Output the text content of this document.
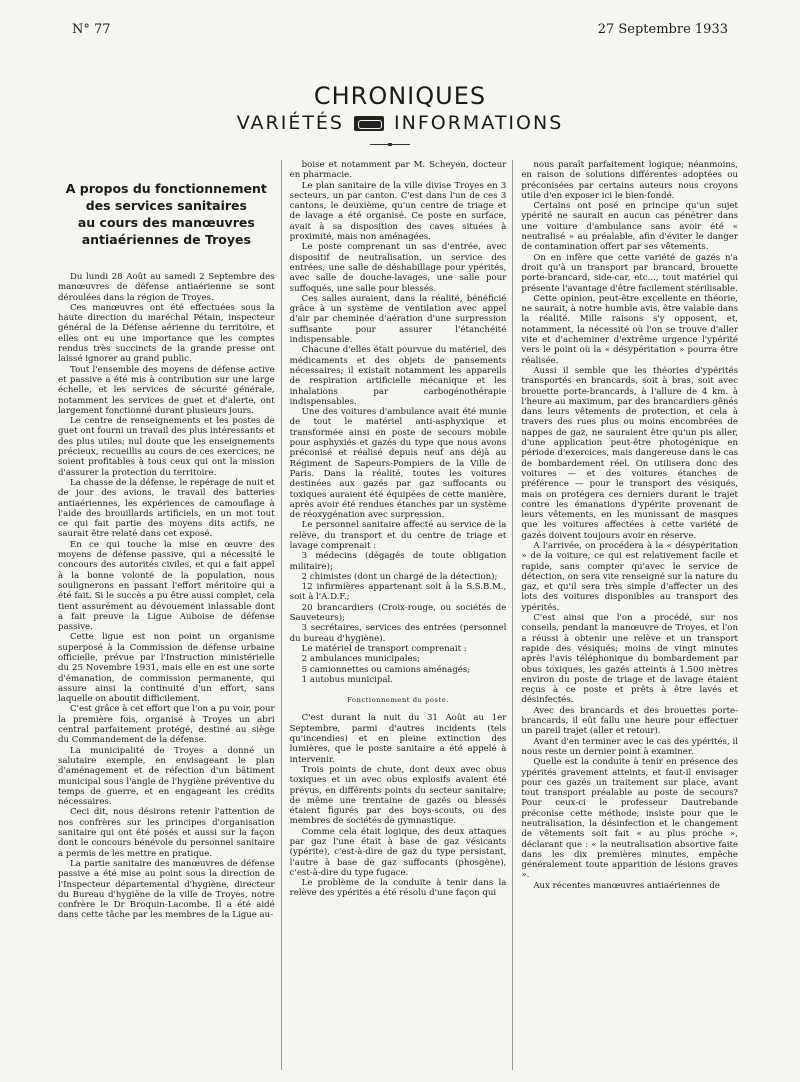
N° 77	27 Septembre 1933
CHRONIQUES
VARIÉTÉS	INFORMATIONS
A propos du fonctionnement
des services sanitaires
au cours des manœuvres
antiaériennes de Troyes

Du lundi 28 Août au samedi 2 Septembre des manœuvres de défense antiaérienne se sont déroulées dans la région de Troyes.

Ces manœuvres ont été effectuées sous la haute direction du maréchal Pétain, inspecteur général de la Défense aérienne du territoire, et elles ont eu une importance que les comptes rendus très succincts de la grande presse ont laissé ignorer au grand public.

Tout l'ensemble des moyens de défense active et passive a été mis à contribution sur une large échelle, et les services de sécurité générale, notamment les services de guet et d'alerte, ont largement fonctionné durant plusieurs jours.

Le centre de renseignements et les postes de guet ont fourni un travail des plus intéressants et des plus utiles; nul doute que les enseignements précieux, recueillis au cours de ces exercices, ne soient profitables à tous ceux qui ont la mission d'assurer la protection du territoire.

La chasse de la défense, le repérage de nuit et de jour des avions, le travail des batteries antiaériennes, les expériences de camouflage à l'aide des brouillards artificiels, en un mot tout ce qui fait partie des moyens dits actifs, ne saurait être relaté dans cet exposé.

En ce qui touche la mise en œuvre des moyens de défense passive, qui a nécessité le concours des autorités civiles, et qui a fait appel à la bonne volonté de la population, nous soulignerons en passant l'effort méritoire qui a été fait. Si le succès a pu être aussi complet, cela tient assurément au dévouement inlassable dont a fait preuve la Ligue Auboise de défense passive.

Cette ligue est non point un organisme superposé à la Commission de défense urbaine officielle, prévue par l'Instruction ministérielle du 25 Novembre 1931, mais elle en est une sorte d'émanation, de commission permanente, qui assure ainsi la continuité d'un effort, sans laquelle on aboutit difficilement.

C'est grâce à cet effort que l'on a pu voir, pour la première fois, organisé à Troyes un abri central parfaitement protégé, destiné au siège du Commandement de la défense.

La municipalité de Troyes a donné un salutaire exemple, en envisageant le plan d'aménagement et de réfection d'un bâtiment municipal sous l'angle de l'hygiène préventive du temps de guerre, et en engageant les crédits nécessaires.

Ceci dit, nous désirons retenir l'attention de nos confrères sur les principes d'organisation sanitaire qui ont été posés et aussi sur la façon dont le concours bénévole du personnel sanitaire a permis de les mettre en pratique.

La partie sanitaire des manœuvres de défense passive a été mise au point sous la direction de l'Inspecteur départemental d'hygiène, directeur du Bureau d'hygiène de la ville de Troyes, notre confrère le Dr Broquin-Lacombe. Il a été aidé dans cette tâche par les membres de la Ligue au-

boise et notamment par M. Scheyen, docteur en pharmacie.

Le plan sanitaire de la ville divise Troyes en 3 secteurs, un par canton. C'est dans l'un de ces 3 cantons, le deuxième, qu'un centre de triage et de lavage a été organisé. Ce poste en surface, avait à sa disposition des caves situées à proximité, mais non aménagées.

Le poste comprenant un sas d'entrée, avec dispositif de neutralisation, un service des entrées, une salle de déshabillage pour ypérités, avec salle de douche-lavages, une salle pour suffoqués, une salle pour blessés.

Ces salles auraient, dans la réalité, bénéficié grâce à un système de ventilation avec appel d'air par cheminée d'aération d'une surpression suffisante pour assurer l'étanchéité indispensable.

Chacune d'elles était pourvue du matériel, des médicaments et des objets de pansements nécessaires; il existait notamment les appareils de respiration artificielle mécanique et les inhalations par carbogénothérapie indispensables.

Une des voitures d'ambulance avait été munie de tout le matériel anti-asphyxique et transformée ainsi en poste de secours mobile pour asphyxiés et gazés du type que nous avons préconisé et réalisé depuis neuf ans déjà au Régiment de Sapeurs-Pompiers de la Ville de Paris. Dans la réalité, toutes les voitures destinées aux gazés par gaz suffocants ou toxiques auraient été équipées de cette manière, après avoir été rendues étanches par un système de réoxygénation avec surpression.

Le personnel sanitaire affecté au service de la relève, du transport et du centre de triage et lavage comprenait :

3 médecins (dégagés de toute obligation militaire);

2 chimistes (dont un chargé de la détection);

12 infirmières appartenant soit à la S.S.B.M., soit à l'A.D.F.;

20 brancardiers (Croix-rouge, ou sociétés de Sauveteurs);

3 secrétaires, services des entrées (personnel du bureau d'hygiène).

Le matériel de transport comprenait :

2 ambulances municipales;

5 camionnettes ou camions aménagés;

1 autobus municipal.

Fonctionnement du poste.

C'est durant la nuit du 31 Août au 1er Septembre, parmi d'autres incidents (tels qu'incendies) et en pleine extinction des lumières, que le poste sanitaire a été appelé à intervenir.

Trois points de chute, dont deux avec obus toxiques et un avec obus explosifs avaient été prévus, en différents points du secteur sanitaire; de même une trentaine de gazés ou blessés étaient figurés par des boys-scouts, ou des membres de sociétés de gymnastique.

Comme cela était logique, des deux attaques par gaz l'une était à base de gaz vésicants (ypérite), c'est-à-dire de gaz du type persistant, l'autre à base de gaz suffocants (phosgène), c'est-à-dire du type fugace.

Le problème de la conduite à tenir dans la relève des ypérités a été résolu d'une façon qui

nous paraît parfaitement logique; néanmoins, en raison de solutions différentes adoptées ou préconisées par certains auteurs nous croyons utile d'en exposer ici le bien-fondé.

Certains ont posé en principe qu'un sujet ypérité ne saurait en aucun cas pénétrer dans une voiture d'ambulance sans avoir été « neutralisé » au préalable, afin d'éviter le danger de contamination offert par ses vêtements.

On en infère que cette variété de gazés n'a droit qu'à un transport par brancard, brouette porte-brancard, side-car, etc..., tout matériel qui présente l'avantage d'être facilement stérilisable.

Cette opinion, peut-être excellente en théorie, ne saurait, à notre humble avis, être valable dans la réalité. Mille raisons s'y opposent, et, notamment, la nécessité où l'on se trouve d'aller vite et d'acheminer d'extrême urgence l'ypérité vers le point où la « désypéritation » pourra être réalisée.

Aussi il semble que les théories d'ypérités transportés en brancards, soit à bras, soit avec brouette porte-brancards, à l'allure de 4 km. à l'heure au maximum, par des brancardiers gênés dans leurs vêtements de protection, et cela à travers des rues plus ou moins encombrées de nappes de gaz, ne sauraient être qu'un pis aller, d'une application peut-être photogénique en période d'exercices, mais dangereuse dans le cas de bombardement réel. On utilisera donc des voitures — et des voitures étanches de préférence — pour le transport des vésiqués, mais on protégera ces derniers durant le trajet contre les émanations d'ypérite provenant de leurs vêtements, en les munissant de masques que les voitures affectées à cette variété de gazés doivent toujours avoir en réserve.

A l'arrivée, on procédera à la « désypéritation » de la voiture, ce qui est relativement facile et rapide, sans compter qu'avec le service de détection, on sera vite renseigné sur la nature du gaz, et qu'il sera très simple d'affecter un des lots des voitures disponibles au transport des ypérités.

C'est ainsi que l'on a procédé, sur nos conseils, pendant la manœuvre de Troyes, et l'on a réussi à obtenir une relève et un transport rapide des vésiqués; moins de vingt minutes après l'avis téléphonique du bombardement par obus toxiques, les gazés atteints à 1.500 mètres environ du poste de triage et de lavage étaient reçus à ce poste et prêts à être lavés et désinfectés.

Avec des brancards et des brouettes porte-brancards, il eût fallu une heure pour effectuer un pareil trajet (aller et retour).

Avant d'en terminer avec le cas des ypérités, il nous reste un dernier point à examiner.

Quelle est la conduite à tenir en présence des ypérités gravement atteints, et faut-il envisager pour ces gazés un traitement sur place, avant tout transport préalable au poste de secours? Pour ceux-ci le professeur Dautrebande préconise cette méthode, insiste pour que le neutralisation, la désinfection et le changement de vêtements soit fait « au plus proche », déclarant que : « la neutralisation absortive faite dans les dix premières minutes, empêche généralement toute apparition de lésions graves ».

Aux récentes manœuvres antiaériennes de
